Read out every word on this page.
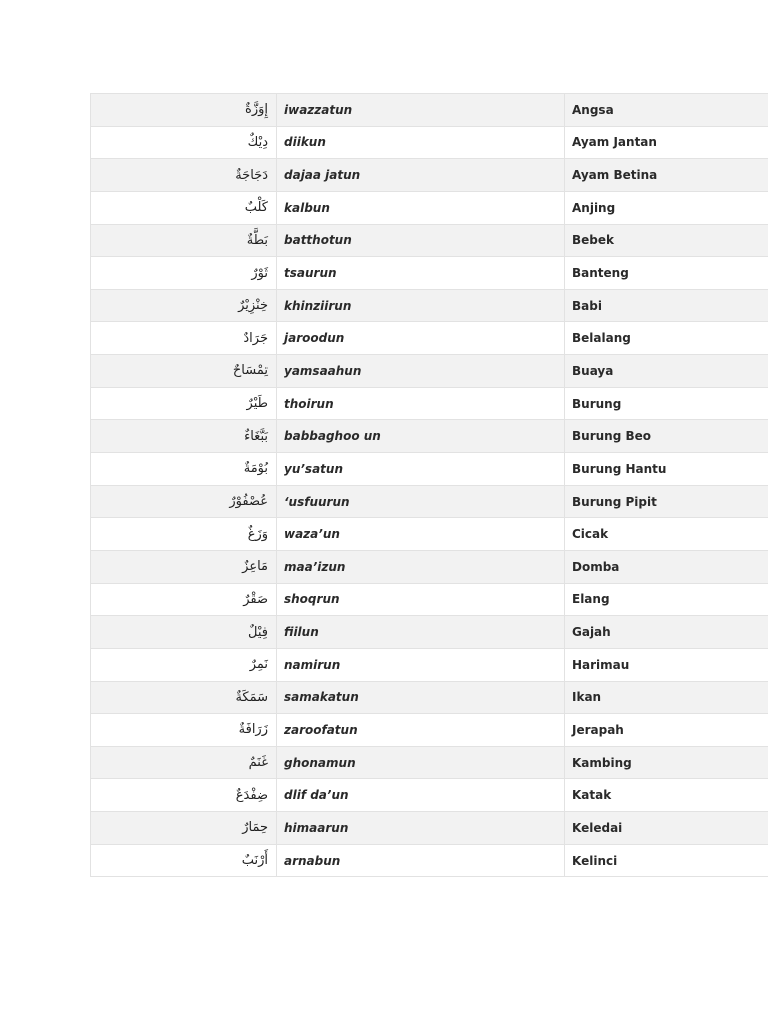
إِوَزَّةٌ	iwazzatun	Angsa
دِيْكٌ	diikun	Ayam Jantan
دَجَاجَةٌ	dajaa jatun	Ayam Betina
كَلْبٌ	kalbun	Anjing
بَطَّةٌ	batthotun	Bebek
ثَوْرٌ	tsaurun	Banteng
خِنْزِيْرٌ	khinziirun	Babi
جَرَادٌ	jaroodun	Belalang
تِمْسَاحٌ	yamsaahun	Buaya
طَيْرٌ	thoirun	Burung
بَبَّغَاءٌ	babbaghoo un	Burung Beo
بُوْمَةٌ	yu’satun	Burung Hantu
عُصْفُوْرٌ	‘usfuurun	Burung Pipit
وَزَغٌ	waza’un	Cicak
مَاعِزٌ	maa’izun	Domba
صَقْرٌ	shoqrun	Elang
فِيْلٌ	fiilun	Gajah
نَمِرٌ	namirun	Harimau
سَمَكَةٌ	samakatun	Ikan
زَرَافَةٌ	zaroofatun	Jerapah
غَنَمٌ	ghonamun	Kambing
ضِفْدَعٌ	dlif da’un	Katak
حِمَارٌ	himaarun	Keledai
أَرْنَبٌ	arnabun	Kelinci
